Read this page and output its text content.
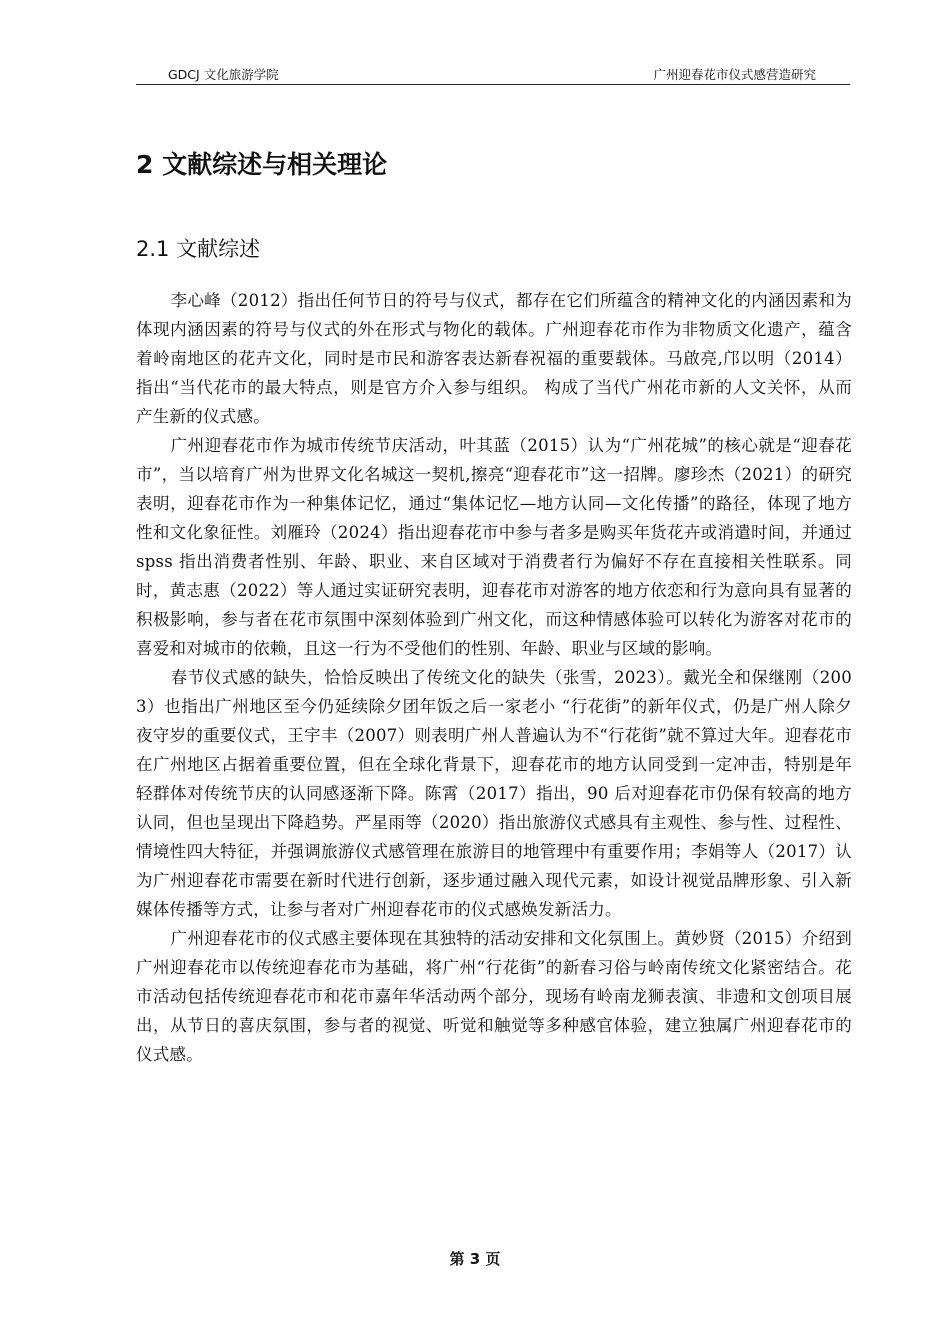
GDCJ 文化旅游学院	广州迎春花市仪式感营造研究
2 文献综述与相关理论
2.1 文献综述

李心峰（2012）指出任何节日的符号与仪式，都存在它们所蕴含的精神文化的内涵因素和为体现内涵因素的符号与仪式的外在形式与物化的载体。广州迎春花市作为非物质文化遗产，蕴含着岭南地区的花卉文化，同时是市民和游客表达新春祝福的重要载体。马啟亮,邝以明（2014）指出“当代花市的最大特点，则是官方介入参与组织。 构成了当代广州花市新的人文关怀，从而产生新的仪式感。

广州迎春花市作为城市传统节庆活动，叶其蓝（2015）认为“广州花城”的核心就是“迎春花市”，当以培育广州为世界文化名城这一契机,擦亮“迎春花市”这一招牌。廖珍杰（2021）的研究表明，迎春花市作为一种集体记忆，通过“集体记忆—地方认同—文化传播”的路径，体现了地方性和文化象征性。刘雁玲（2024）指出迎春花市中参与者多是购买年货花卉或消遣时间，并通过 spss 指出消费者性别、年龄、职业、来自区域对于消费者行为偏好不存在直接相关性联系。同时，黄志惠（2022）等人通过实证研究表明，迎春花市对游客的地方依恋和行为意向具有显著的积极影响，参与者在花市氛围中深刻体验到广州文化，而这种情感体验可以转化为游客对花市的喜爱和对城市的依赖，且这一行为不受他们的性别、年龄、职业与区域的影响。

春节仪式感的缺失，恰恰反映出了传统文化的缺失（张雪，2023）。戴光全和保继刚（2003）也指出广州地区至今仍延续除夕团年饭之后一家老小 “行花街”的新年仪式，仍是广州人除夕夜守岁的重要仪式，王宇丰（2007）则表明广州人普遍认为不“行花街”就不算过大年。迎春花市在广州地区占据着重要位置，但在全球化背景下，迎春花市的地方认同受到一定冲击，特别是年轻群体对传统节庆的认同感逐渐下降。陈霄（2017）指出，90 后对迎春花市仍保有较高的地方认同，但也呈现出下降趋势。严星雨等（2020）指出旅游仪式感具有主观性、参与性、过程性、情境性四大特征，并强调旅游仪式感管理在旅游目的地管理中有重要作用；李娟等人（2017）认为广州迎春花市需要在新时代进行创新，逐步通过融入现代元素，如设计视觉品牌形象、引入新媒体传播等方式，让参与者对广州迎春花市的仪式感焕发新活力。

广州迎春花市的仪式感主要体现在其独特的活动安排和文化氛围上。黄妙贤（2015）介绍到广州迎春花市以传统迎春花市为基础，将广州“行花街”的新春习俗与岭南传统文化紧密结合。花市活动包括传统迎春花市和花市嘉年华活动两个部分，现场有岭南龙狮表演、非遗和文创项目展出，从节日的喜庆氛围，参与者的视觉、听觉和触觉等多种感官体验，建立独属广州迎春花市的仪式感。

第 3 页
